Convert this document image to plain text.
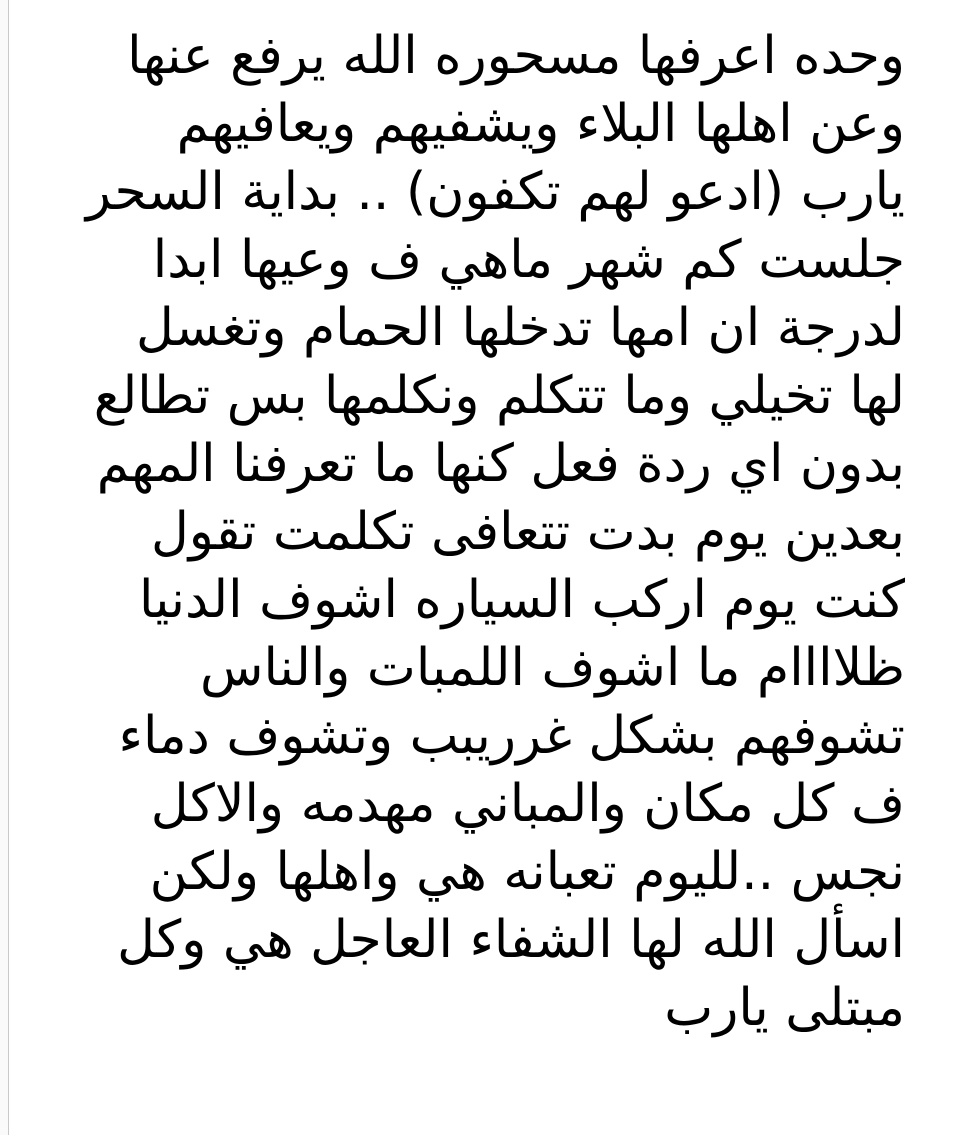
وحده اعرفها مسحوره الله يرفع عنها
وعن اهلها البلاء ويشفيهم ويعافيهم
يارب (ادعو لهم تكفون) .. بداية السحر
جلست كم شهر ماهي ف وعيها ابدا
لدرجة ان امها تدخلها الحمام وتغسل
لها تخيلي وما تتكلم ونكلمها بس تطالع
بدون اي ردة فعل كنها ما تعرفنا المهم
بعدين يوم بدت تتعافى تكلمت تقول
كنت يوم اركب السياره اشوف الدنيا
ظلاااام ما اشوف اللمبات والناس
تشوفهم بشكل غرريبب وتشوف دماء
ف كل مكان والمباني مهدمه والاكل
نجس ..لليوم تعبانه هي واهلها ولكن
اسأل الله لها الشفاء العاجل هي وكل
مبتلى يارب
